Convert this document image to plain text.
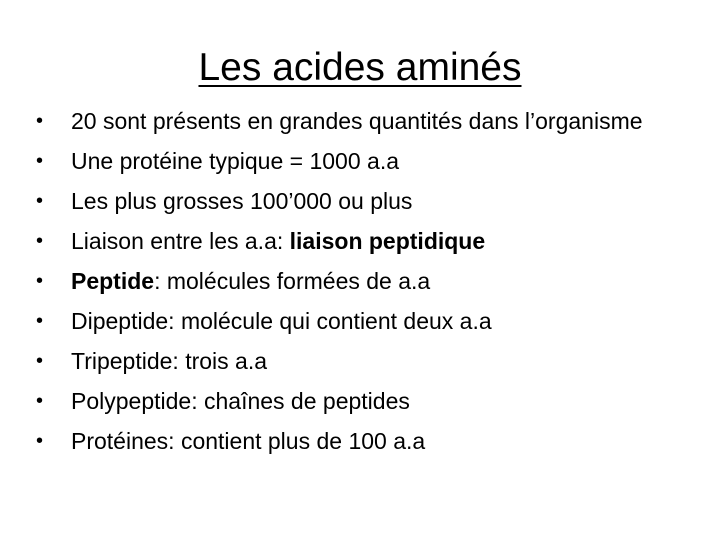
Les acides aminés
•	20 sont présents en grandes quantités dans l’organisme
•	Une protéine typique = 1000 a.a
•	Les plus grosses 100’000 ou plus
•	Liaison entre les a.a: liaison peptidique
•	Peptide: molécules formées de a.a
•	Dipeptide: molécule qui contient deux a.a
•	Tripeptide: trois a.a
•	Polypeptide: chaînes de peptides
•	Protéines: contient plus de 100 a.a
